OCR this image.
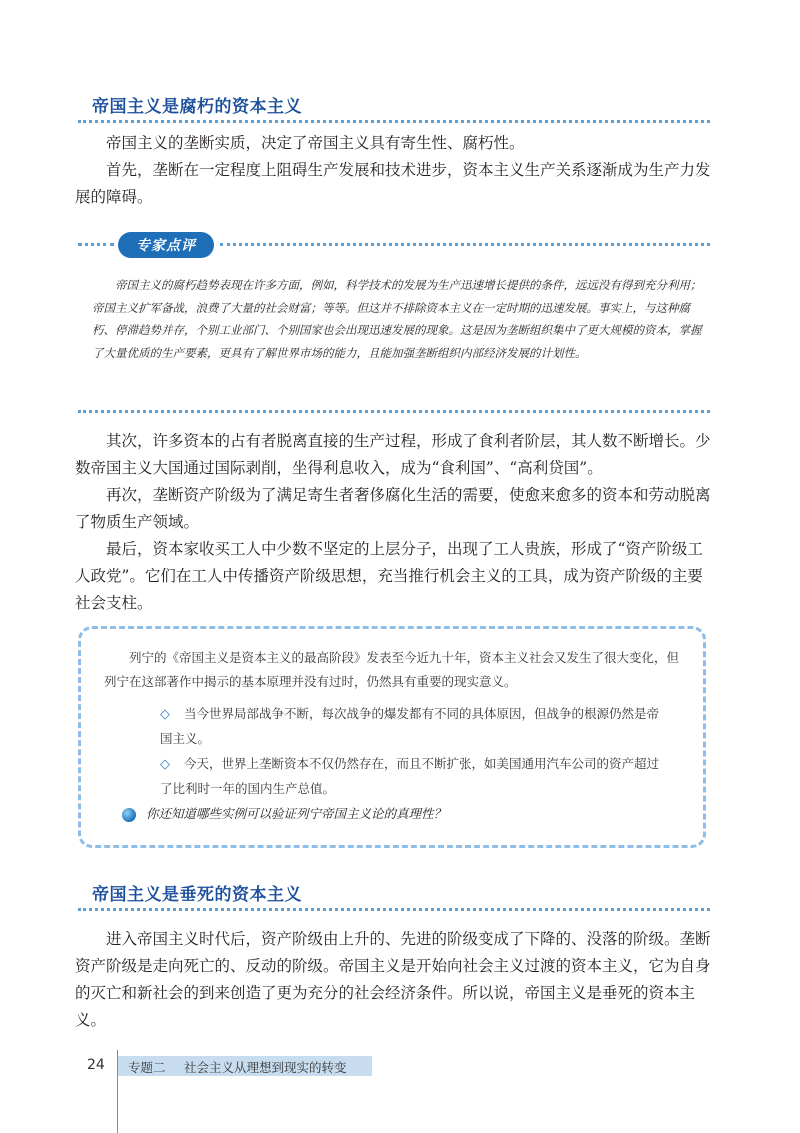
帝国主义是腐朽的资本主义

帝国主义的垄断实质，决定了帝国主义具有寄生性、腐朽性。

首先，垄断在一定程度上阻碍生产发展和技术进步，资本主义生产关系逐渐成为生产力发展的障碍。

专家点评

帝国主义的腐朽趋势表现在许多方面，例如，科学技术的发展为生产迅速增长提供的条件，远远没有得到充分利用；帝国主义扩军备战，浪费了大量的社会财富；等等。但这并不排除资本主义在一定时期的迅速发展。事实上，与这种腐朽、停滞趋势并存，个别工业部门、个别国家也会出现迅速发展的现象。这是因为垄断组织集中了更大规模的资本，掌握了大量优质的生产要素，更具有了解世界市场的能力，且能加强垄断组织内部经济发展的计划性。

其次，许多资本的占有者脱离直接的生产过程，形成了食利者阶层，其人数不断增长。少数帝国主义大国通过国际剥削，坐得利息收入，成为“食利国”、“高利贷国”。

再次，垄断资产阶级为了满足寄生者奢侈腐化生活的需要，使愈来愈多的资本和劳动脱离了物质生产领域。

最后，资本家收买工人中少数不坚定的上层分子，出现了工人贵族，形成了“资产阶级工人政党”。它们在工人中传播资产阶级思想，充当推行机会主义的工具，成为资产阶级的主要社会支柱。

列宁的《帝国主义是资本主义的最高阶段》发表至今近九十年，资本主义社会又发生了很大变化，但列宁在这部著作中揭示的基本原理并没有过时，仍然具有重要的现实意义。

◇ 当今世界局部战争不断，每次战争的爆发都有不同的具体原因，但战争的根源仍然是帝国主义。
◇ 今天，世界上垄断资本不仅仍然存在，而且不断扩张，如美国通用汽车公司的资产超过了比利时一年的国内生产总值。
你还知道哪些实例可以验证列宁帝国主义论的真理性？
帝国主义是垂死的资本主义

进入帝国主义时代后，资产阶级由上升的、先进的阶级变成了下降的、没落的阶级。垄断资产阶级是走向死亡的、反动的阶级。帝国主义是开始向社会主义过渡的资本主义，它为自身的灭亡和新社会的到来创造了更为充分的社会经济条件。所以说，帝国主义是垂死的资本主义。

24 专题二 社会主义从理想到现实的转变
